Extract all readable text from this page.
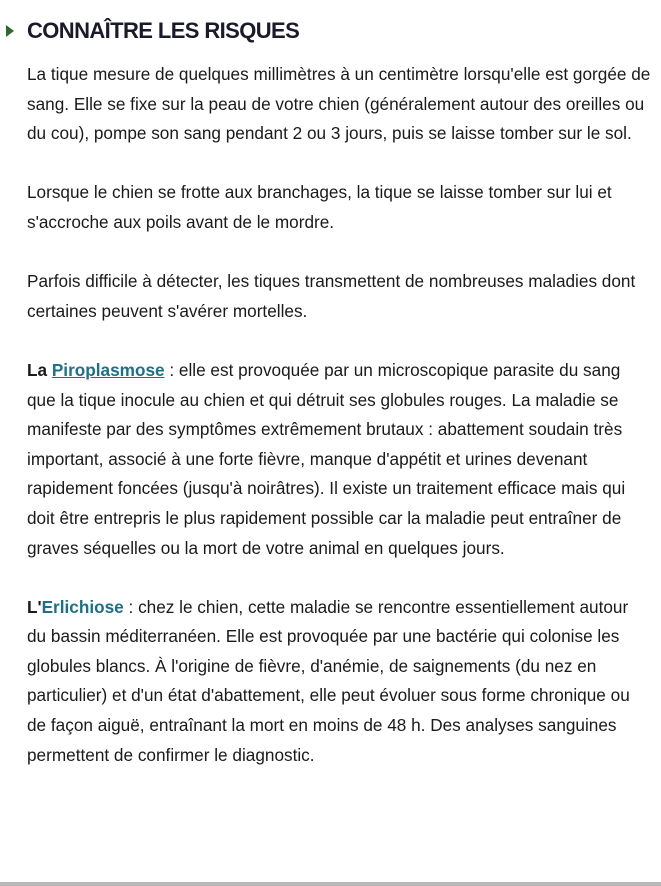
CONNAÎTRE LES RISQUES

La tique mesure de quelques millimètres à un centimètre lorsqu'elle est gorgée de sang. Elle se fixe sur la peau de votre chien (généralement autour des oreilles ou du cou), pompe son sang pendant 2 ou 3 jours, puis se laisse tomber sur le sol.

Lorsque le chien se frotte aux branchages, la tique se laisse tomber sur lui et s'accroche aux poils avant de le mordre.

Parfois difficile à détecter, les tiques transmettent de nombreuses maladies dont certaines peuvent s'avérer mortelles.

La Piroplasmose : elle est provoquée par un microscopique parasite du sang que la tique inocule au chien et qui détruit ses globules rouges. La maladie se manifeste par des symptômes extrêmement brutaux : abattement soudain très important, associé à une forte fièvre, manque d'appétit et urines devenant rapidement foncées (jusqu'à noirâtres). Il existe un traitement efficace mais qui doit être entrepris le plus rapidement possible car la maladie peut entraîner de graves séquelles ou la mort de votre animal en quelques jours.

L'Erlichiose : chez le chien, cette maladie se rencontre essentiellement autour du bassin méditerranéen. Elle est provoquée par une bactérie qui colonise les globules blancs. À l'origine de fièvre, d'anémie, de saignements (du nez en particulier) et d'un état d'abattement, elle peut évoluer sous forme chronique ou de façon aiguë, entraînant la mort en moins de 48 h. Des analyses sanguines permettent de confirmer le diagnostic.
